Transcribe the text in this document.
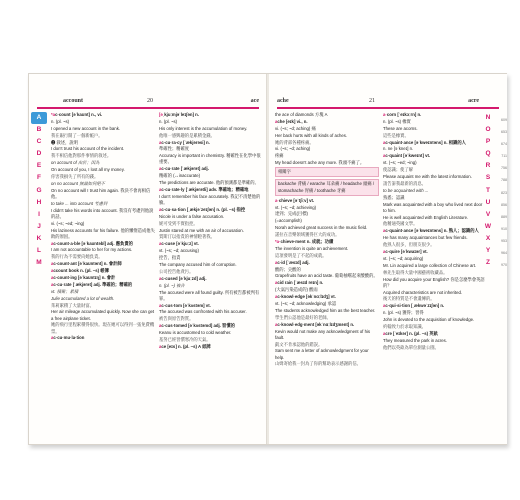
account	20	ace
A
B
C
D
E
F
G
H
I
J
K
L
M
*ac·count [əˈkaʊnt] n., vi.
n. (pl. ~s)
I opened a new account in the bank.
我在銀行開了一個新帳戶。
❷ 敘述，說明
I don't trust his account of the incident.
我不相信他對那件事情的敘述。
on account of 由於；因為
On account of you, I lost all my money.
你害我損失了所有的錢。
on no account 無論如何絕不
On no account will I trust him again. 我決不會再相信他。
to take ... into account 考慮到
I didn't take his words into account. 我沒有考慮到他說的話。
vi. (~s; ~ed; ~ing)
His laziness accounts for his failure. 他的懶惰造成他失敗的原因。
ac·count·a·ble [əˈkaʊntəbl] adj. 應負責的
I am not accountable to her for my actions.
我的行為不需要向她負責。
ac·count·ant [əˈkaʊntənt] n. 會計師
account book n. (pl. ~s) 帳簿
ac·count·ing [əˈkaʊntɪŋ] n. 會計
ac·cu·rate [ˈækjərət] adj. 準確的；精確的
vt. 積聚；累積
Julie accumulated a lot of wealth.
茱莉累積了大量財富。
Her air mileage accumulated quickly. Now she can get a free airplane ticket.
她的飛行里程累積得很快。現在她可以得到一張免費機票。
ac·cu·mu·la·tion
[əˌkjuːmjəˈleɪʃən] n.
n. (pl. ~s)
His only interest is the accumulation of money.
他唯一感興趣的是累積金錢。
ac·cu·ra·cy [ˈækjərəsi] n.
準確性；精確度
Accuracy is important in chemistry. 精確性在化學中很重要。
ac·cu·rate [ˈækjərət] adj.
精確的 (↔inaccurate)
The predictions are accurate. 他的預測都是準確的。
ac·cu·rate·ly [ˈækjərətli] adv. 準確地；精確地
I don't remember his face accurately. 我記不清楚他的臉。
ac·cu·sa·tion [ˌækjəˈzeɪʃən] n. (pl. ~s) 指控
Nicole is under a false accusation.
妮可受到不實指控。
Justin stared at me with an air of accusation.
賈斯汀以指責的神情瞪著我。
ac·cuse [əˈkjuːz] vt.
vt. (~s; ~d; accusing)
控告，指責
The company accused him of corruption.
公司控告他貪污。
ac·cused [əˈkjuːzd] adj.
n. (pl. ~) 被告
The accused were all found guilty. 所有被告都被判有罪。
ac·cus·tom [əˈkʌstəm] vt.
The accused was confronted with his accuser.
被告與原告對質。
ac·cus·tomed [əˈkʌstəmd] adj. 習慣的
Keanu is accustomed to cold weather.
基努已經習慣寒冷的天氣。
ace [eɪs] n. (pl. ~s) A 紙牌
ache	21	acre
the ace of diamonds 方塊 A
ache [eɪk] vi., n.
vi. (~s; ~d; aching) 痛
Her back hurts with all kinds of aches.
她的背部各種疼痛。
vi. (~s; ~d; aching)
疼痛
My head doesn't ache any more. 我頭不痛了。
相關字
backache 背痛 / earache 耳朵痛 / headache 頭痛 / stomachache 胃痛 / toothache 牙痛
a·chieve [əˈtʃiːv] vt.
vt. (~s; ~d; achieving)
達到；完成(目標)
(=accomplish)
Norah achieved great success in the music field.
諾拉在音樂領域獲得巨大的成功。
*a·chieve·ment n. 成就；功績
The invention is quite an achievement.
這項發明是了不起的成就。
ac·id [ˈæsɪd] adj.
酸的；尖酸的
Grapefruits have an acid taste. 葡萄柚嚐起來酸酸的。
acid rain [ˈæsɪd reɪn] n.
(大氣污染造成的) 酸雨
ac·knowl·edge [əkˈnɑːlɪdʒ] vt.
vt. (~s; ~d; acknowledging) 承認
The students acknowledged him as the best teacher.
學生們公認他是最好的老師。
ac·knowl·edg·ment [əkˈnɑːlɪdʒmənt] n.
Kevin would not make any acknowledgment of his fault.
凱文不肯承認他的錯誤。
Sam sent me a letter of acknowledgment for your help.
山姆寄給我一封為了你的幫助表示感謝的信。
a·corn [ˈeɪkɔːrn] n.
n. (pl. ~s) 橡實
These are acorns.
這些是橡實。
ac·quaint·ance [əˈkweɪntəns] n. 相識的人
n. ne [əˈkneɪ] n.
ac·quaint [əˈkweɪnt] vt.
vt. (~s; ~ed; ~ing)
使認識；使了解
Please acquaint me with the latest information.
請告訴我最新的消息。
to be acquainted with ...
熟悉；認識
Mark was acquainted with a boy who lived next door to him.
He is well acquainted with English Literature.
他精通英國文學。
ac·quaint·ance [əˈkweɪntəns] n. 熟人；認識的人
He has many acquaintances but few friends.
他熟人很多，但朋友很少。
ac·quire [əˈkwaɪər] vt.
vt. (~s; ~d; acquiring)
Mr. Lin acquired a large collection of Chinese art.
林先生取得大量中國藝術收藏品。
How did you acquire your English? 你是怎麼學會英語的？
Acquired characteristics are not inherited.
後天的特質是不會遺傳的。
ac·qui·si·tion [ˌækwəˈzɪʃən] n.
n. (pl. ~s) 獲得；習得
John is devoted to the acquisition of knowledge.
約翰致力於求取知識。
acre [ˈeɪkər] n. (pl. ~s) 英畝
They measured the park in acres.
他們以英畝為單位測量公園。
N
O
P
Q
R
S
T
U
V
W
X
Y
Z
609
653
674
711
756
788
823
856
889
910
953
964
970
